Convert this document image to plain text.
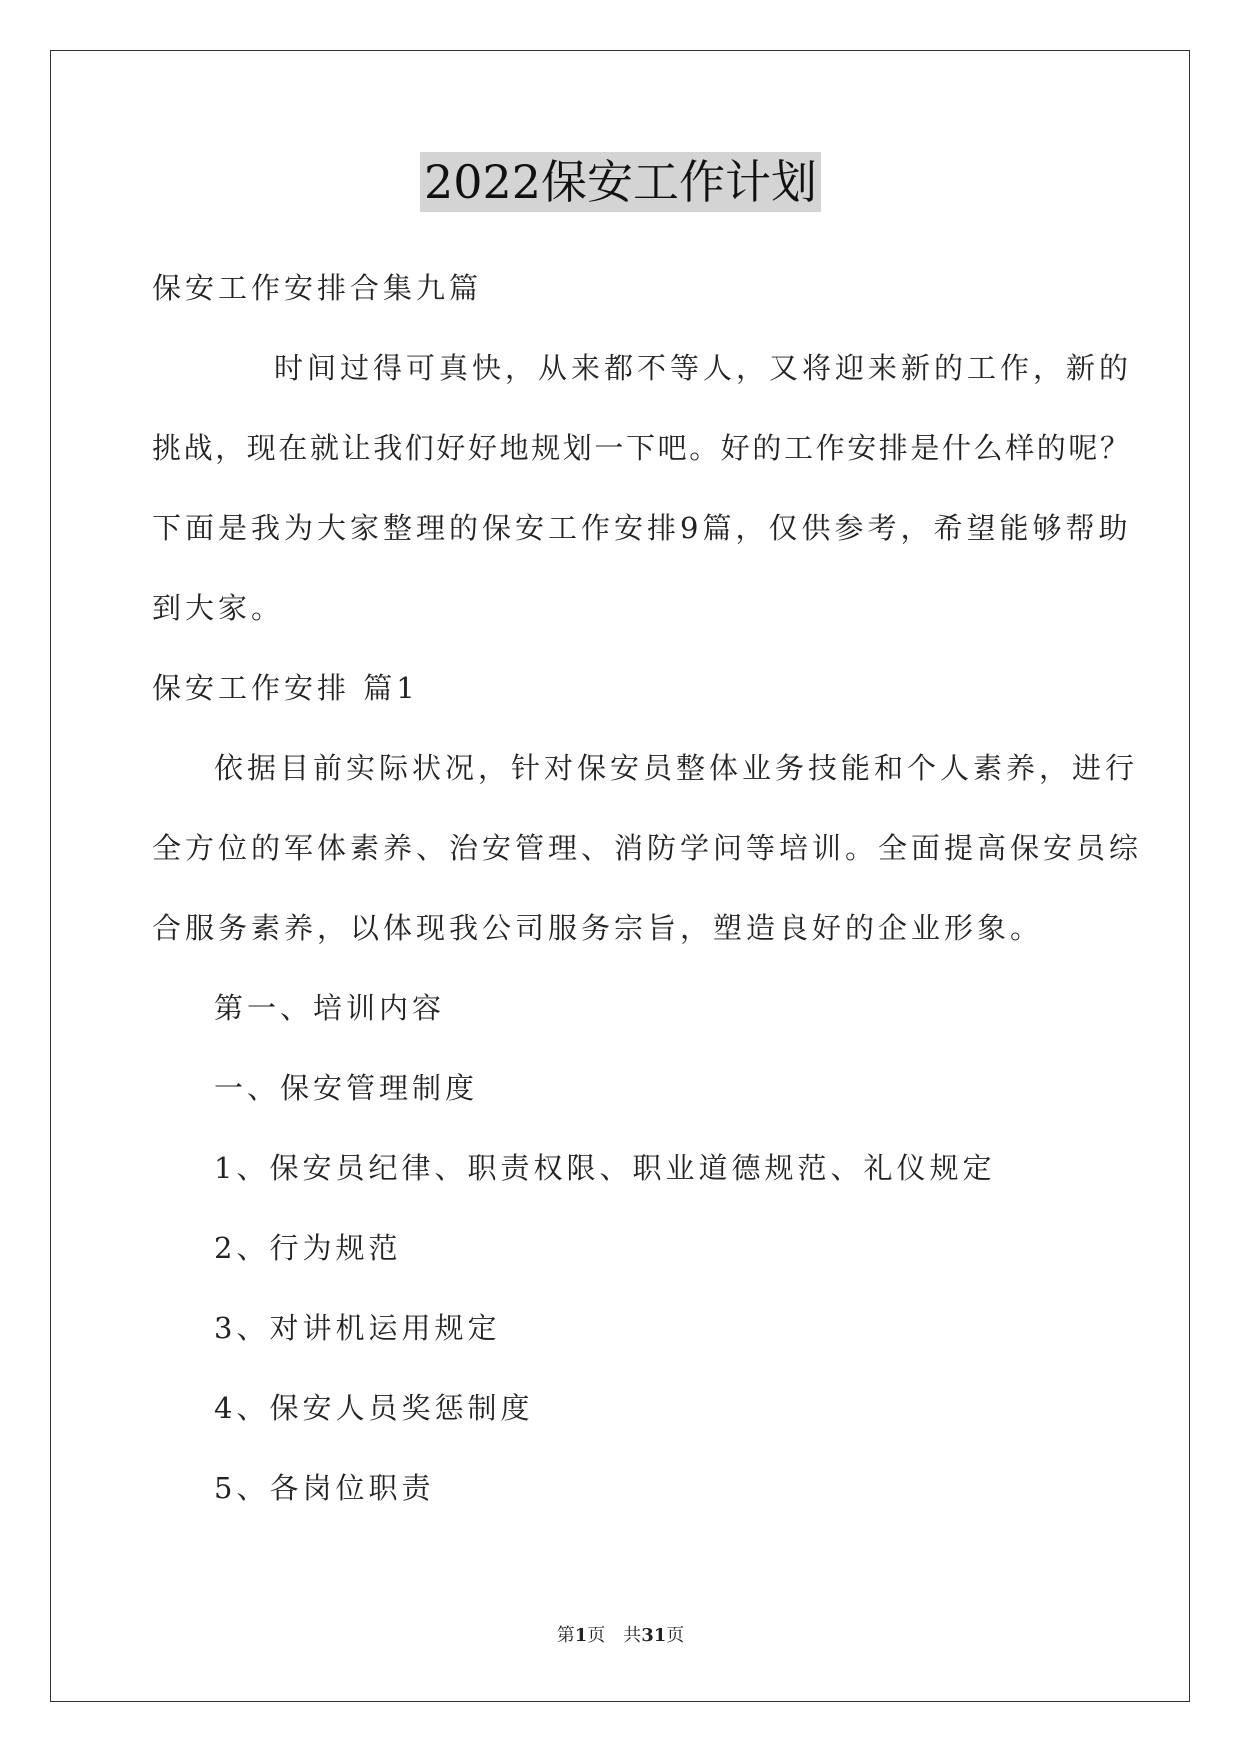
2022保安工作计划
保安工作安排合集九篇
时间过得可真快，从来都不等人，又将迎来新的工作，新的
挑战，现在就让我们好好地规划一下吧。好的工作安排是什么样的呢？
下面是我为大家整理的保安工作安排9篇，仅供参考，希望能够帮助
到大家。
保安工作安排 篇1
依据目前实际状况，针对保安员整体业务技能和个人素养，进行
全方位的军体素养、治安管理、消防学问等培训。全面提高保安员综
合服务素养，以体现我公司服务宗旨，塑造良好的企业形象。
第一、培训内容
一、保安管理制度
1、保安员纪律、职责权限、职业道德规范、礼仪规定
2、行为规范
3、对讲机运用规定
4、保安人员奖惩制度
5、各岗位职责
第1页 共31页
